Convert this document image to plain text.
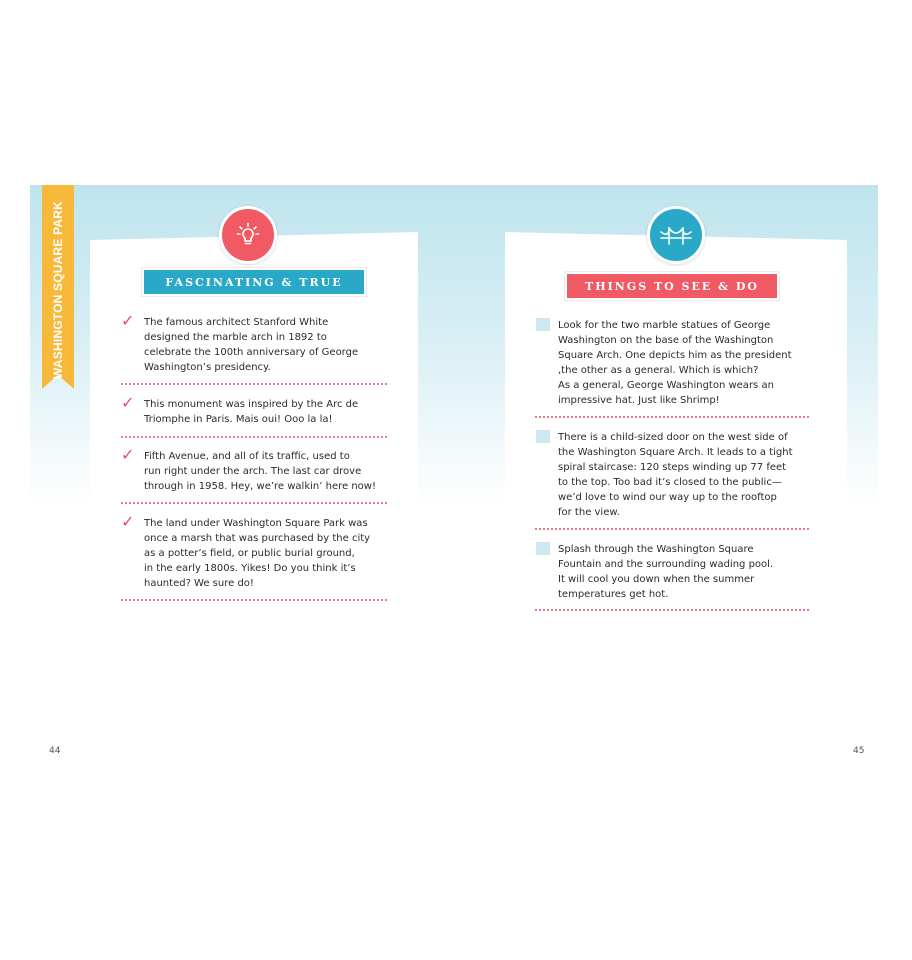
WASHINGTON SQUARE PARK	FASCINATING & TRUE
✓ The famous architect Stanford White
designed the marble arch in 1892 to
celebrate the 100th anniversary of George
Washington’s presidency.
✓ This monument was inspired by the Arc de
Triomphe in Paris. Mais oui! Ooo la la!
✓ Fifth Avenue, and all of its traffic, used to
run right under the arch. The last car drove
through in 1958. Hey, we’re walkin’ here now!
✓ The land under Washington Square Park was
once a marsh that was purchased by the city
as a potter’s field, or public burial ground,
in the early 1800s. Yikes! Do you think it’s
haunted? We sure do!
THINGS TO SEE & DO
Look for the two marble statues of George
Washington on the base of the Washington
Square Arch. One depicts him as the president
,the other as a general. Which is which?
As a general, George Washington wears an
impressive hat. Just like Shrimp!
There is a child-sized door on the west side of
the Washington Square Arch. It leads to a tight
spiral staircase: 120 steps winding up 77 feet
to the top. Too bad it’s closed to the public—
we’d love to wind our way up to the rooftop
for the view.
Splash through the Washington Square
Fountain and the surrounding wading pool.
It will cool you down when the summer
temperatures get hot.
44	45
